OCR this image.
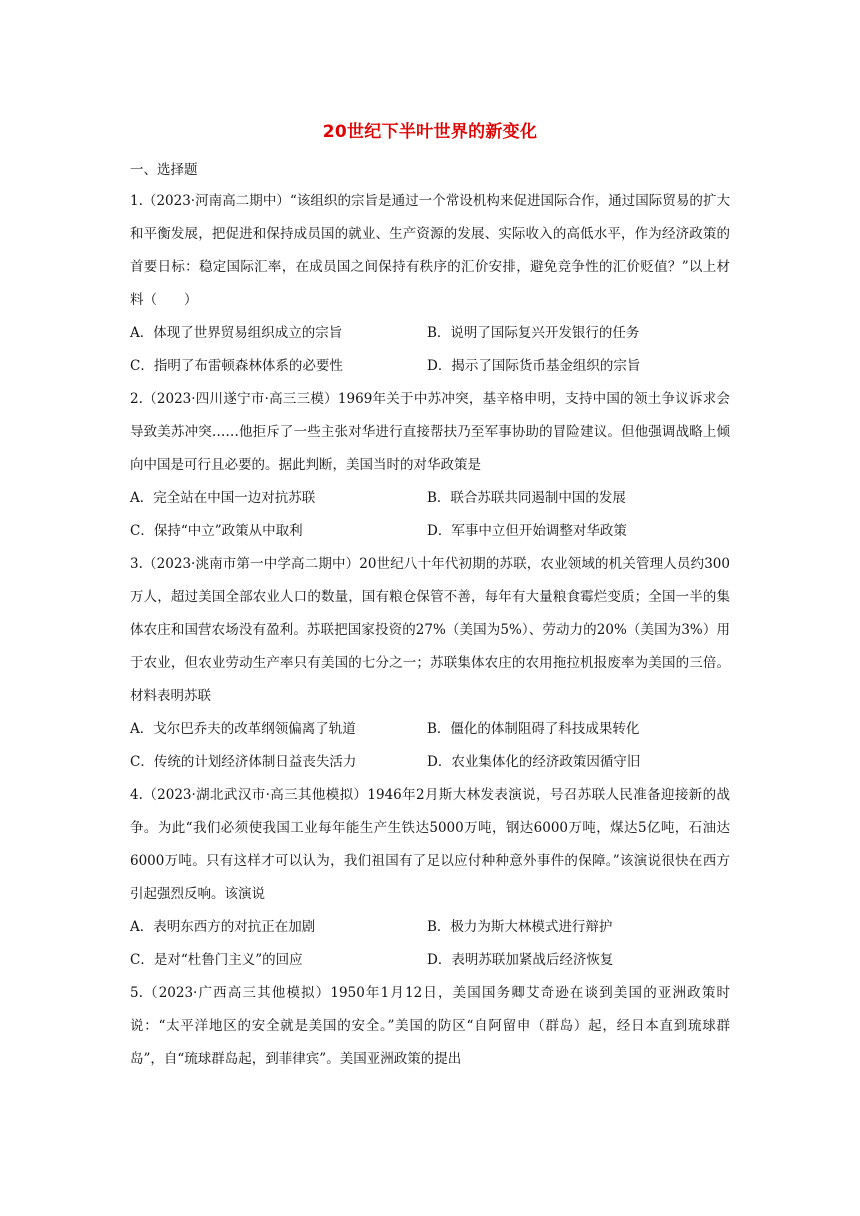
20世纪下半叶世界的新变化
一、选择题

1.（2023·河南高二期中）“该组织的宗旨是通过一个常设机构来促进国际合作，通过国际贸易的扩大和平衡发展，把促进和保持成员国的就业、生产资源的发展、实际收入的高低水平，作为经济政策的首要日标：稳定国际汇率，在成员国之间保持有秩序的汇价安排，避免竞争性的汇价贬值？”以上材料（　　）

A．体现了世界贸易组织成立的宗旨	B．说明了国际复兴开发银行的任务
C．指明了布雷顿森林体系的必要性	D．揭示了国际货币基金组织的宗旨

2.（2023·四川遂宁市·高三三模）1969年关于中苏冲突，基辛格申明，支持中国的领土争议诉求会导致美苏冲突……他拒斥了一些主张对华进行直接帮扶乃至军事协助的冒险建议。但他强调战略上倾向中国是可行且必要的。据此判断，美国当时的对华政策是

A．完全站在中国一边对抗苏联	B．联合苏联共同遏制中国的发展
C．保持“中立”政策从中取利	D．军事中立但开始调整对华政策

3.（2023·洮南市第一中学高二期中）20世纪八十年代初期的苏联，农业领域的机关管理人员约300万人，超过美国全部农业人口的数量，国有粮仓保管不善，每年有大量粮食霉烂变质；全国一半的集体农庄和国营农场没有盈利。苏联把国家投资的27%（美国为5%）、劳动力的20%（美国为3%）用于农业，但农业劳动生产率只有美国的七分之一；苏联集体农庄的农用拖拉机报废率为美国的三倍。材料表明苏联

A．戈尔巴乔夫的改革纲领偏离了轨道	B．僵化的体制阻碍了科技成果转化
C．传统的计划经济体制日益丧失活力	D．农业集体化的经济政策因循守旧

4.（2023·湖北武汉市·高三其他模拟）1946年2月斯大林发表演说，号召苏联人民准备迎接新的战争。为此“我们必须使我国工业每年能生产生铁达5000万吨，钢达6000万吨，煤达5亿吨，石油达6000万吨。只有这样才可以认为，我们祖国有了足以应付种种意外事件的保障。”该演说很快在西方引起强烈反响。该演说

A．表明东西方的对抗正在加剧	B．极力为斯大林模式进行辩护
C．是对“杜鲁门主义”的回应	D．表明苏联加紧战后经济恢复

5.（2023·广西高三其他模拟）1950年1月12日，美国国务卿艾奇逊在谈到美国的亚洲政策时说：“太平洋地区的安全就是美国的安全。”美国的防区“自阿留申（群岛）起，经日本直到琉球群岛”，自“琉球群岛起，到菲律宾”。美国亚洲政策的提出
